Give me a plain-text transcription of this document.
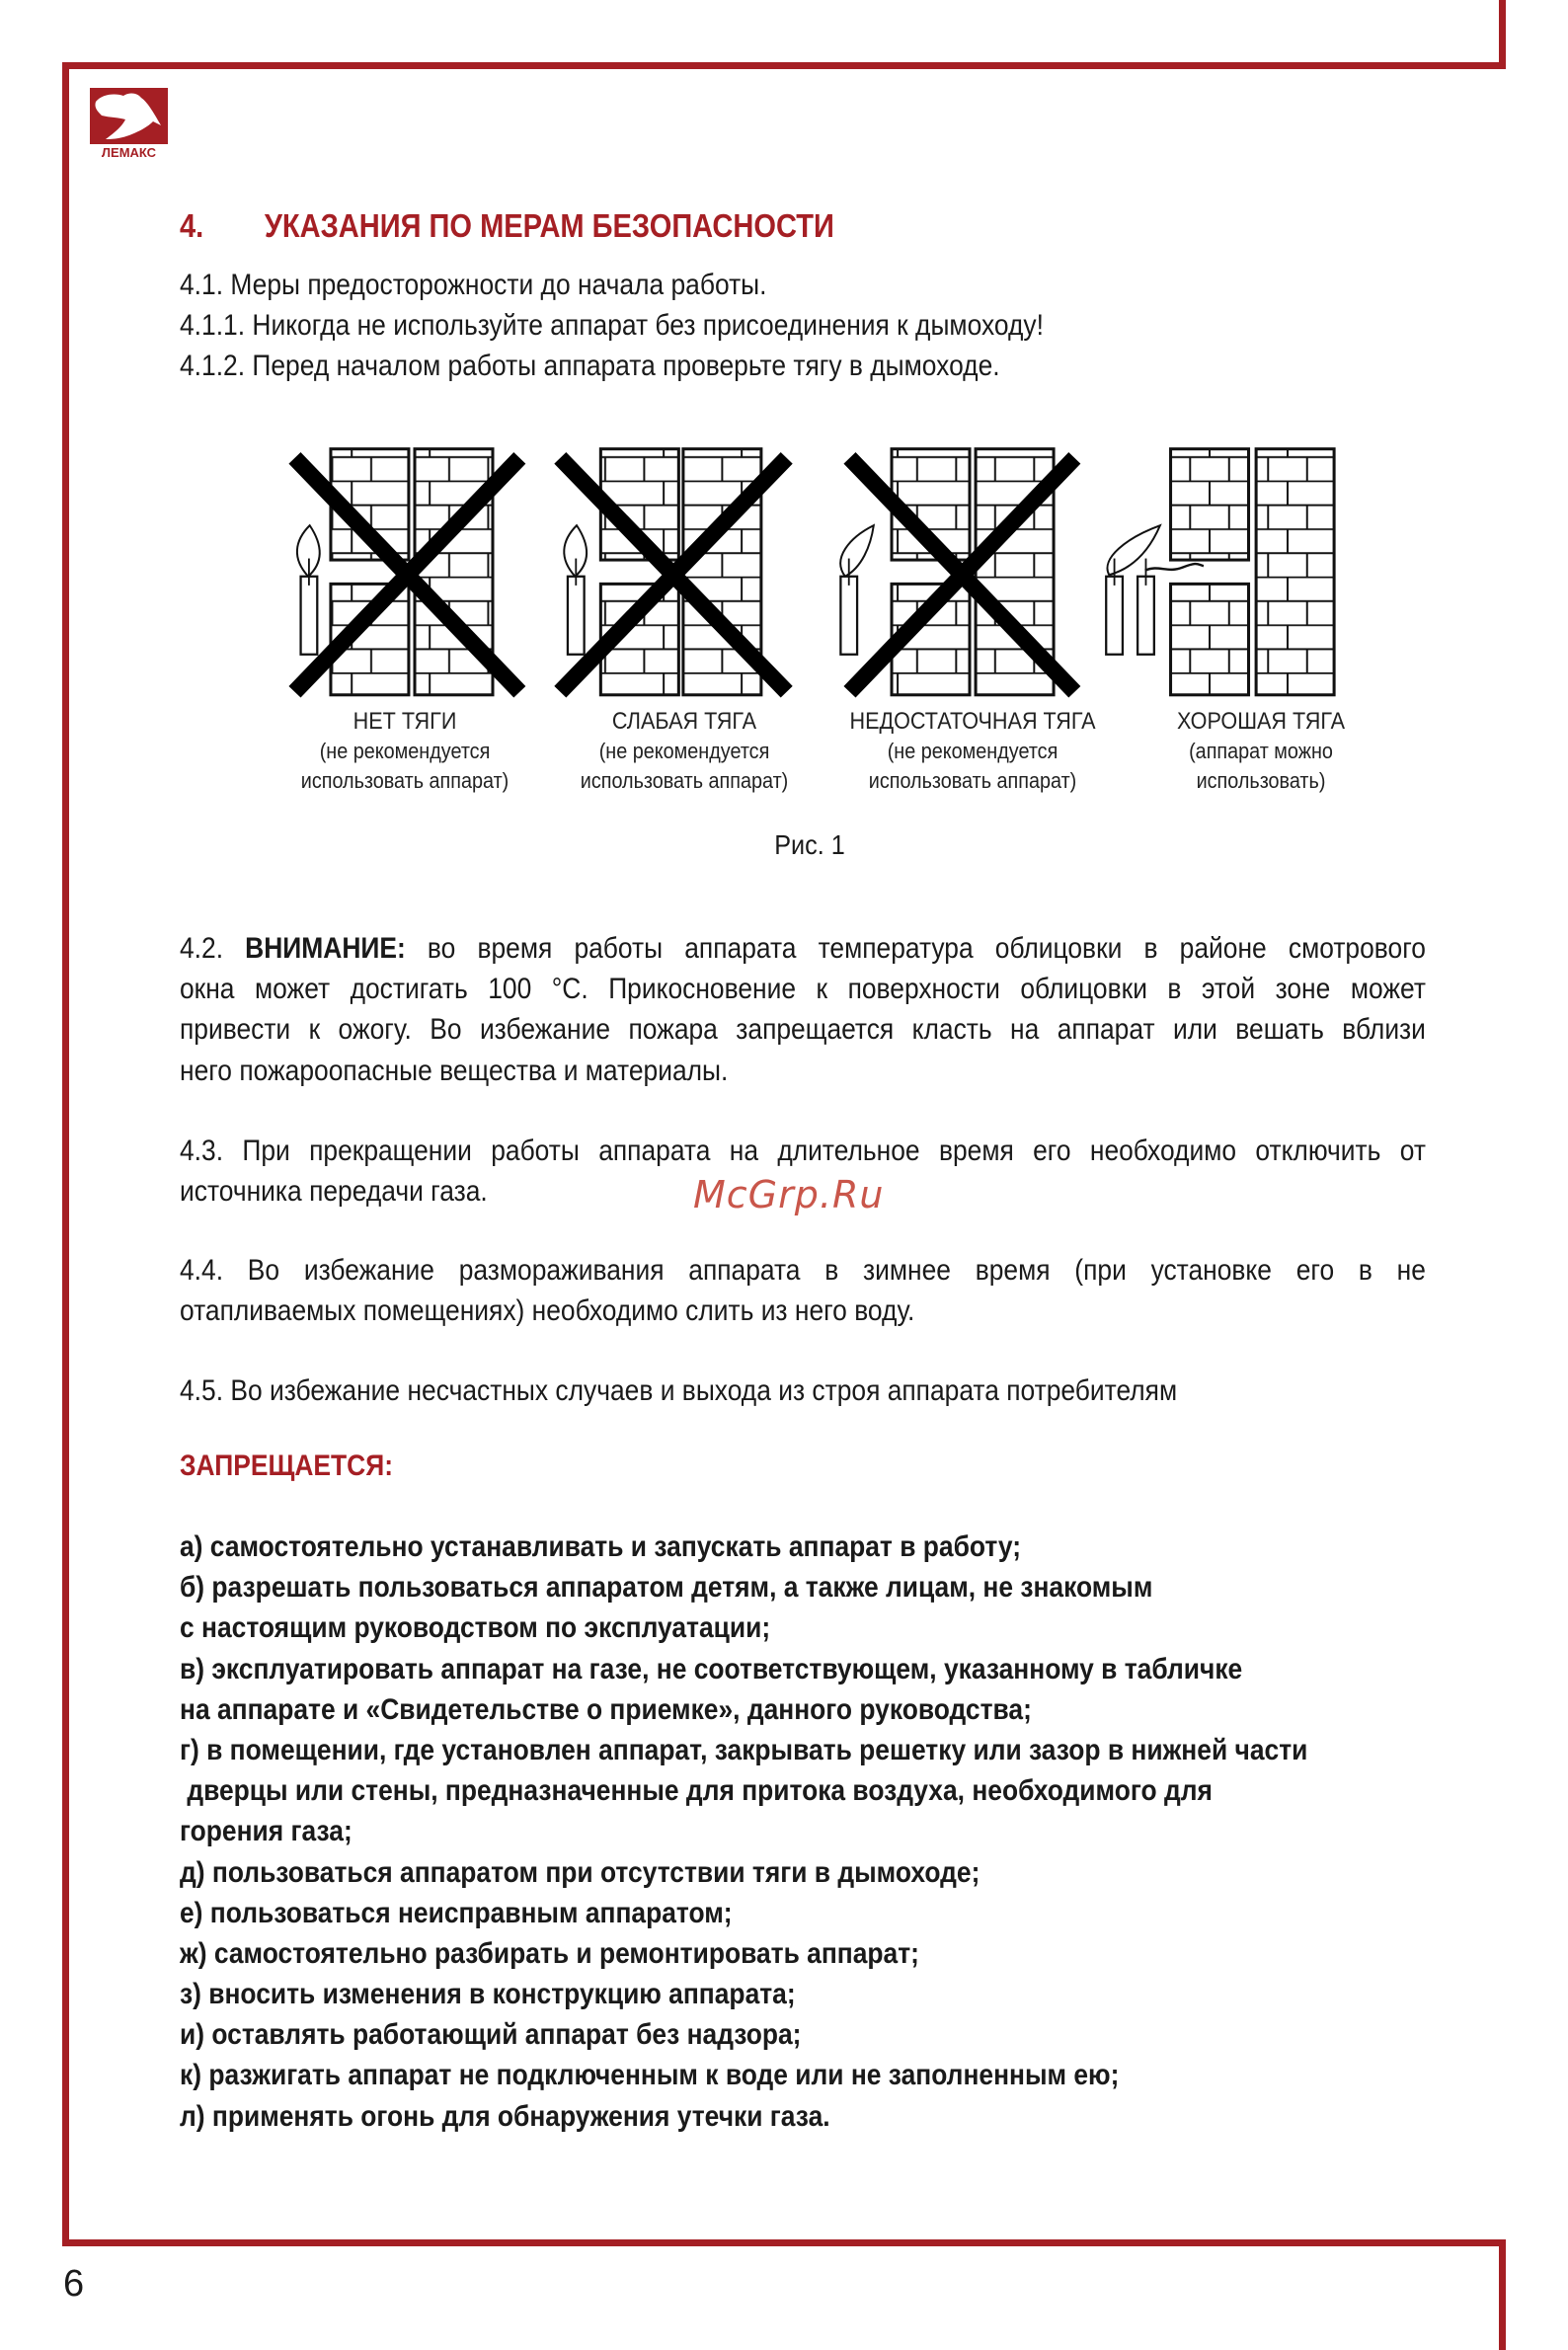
ЛЕМАКС
4. УКАЗАНИЯ ПО МЕРАМ БЕЗОПАСНОСТИ
4.1. Меры предосторожности до начала работы.
4.1.1. Никогда не используйте аппарат без присоединения к дымоходу!
4.1.2. Перед началом работы аппарата проверьте тягу в дымоходе.
НЕТ ТЯГИ
(не рекомендуется
использовать аппарат)
СЛАБАЯ ТЯГА
(не рекомендуется
использовать аппарат)
НЕДОСТАТОЧНАЯ ТЯГА
(не рекомендуется
использовать аппарат)
ХОРОШАЯ ТЯГА
(аппарат можно
использовать)
Рис. 1
4.2. ВНИМАНИЕ: во время работы аппарата температура облицовки в районе смотрового
окна может достигать 100 °С. Прикосновение к поверхности облицовки в этой зоне может
привести к ожогу. Во избежание пожара запрещается класть на аппарат или вешать вблизи
него пожароопасные вещества и материалы.
4.3. При прекращении работы аппарата на длительное время его необходимо отключить от
источника передачи газа.	McGrp.Ru
4.4. Во избежание размораживания аппарата в зимнее время (при установке его в не
отапливаемых помещениях) необходимо слить из него воду.
4.5. Во избежание несчастных случаев и выхода из строя аппарата потребителям
ЗАПРЕЩАЕТСЯ:
а) самостоятельно устанавливать и запускать аппарат в работу;
б) разрешать пользоваться аппаратом детям, а также лицам, не знакомым
с настоящим руководством по эксплуатации;
в) эксплуатировать аппарат на газе, не соответствующем, указанному в табличке
на аппарате и «Свидетельстве о приемке», данного руководства;
г) в помещении, где установлен аппарат, закрывать решетку или зазор в нижней части
дверцы или стены, предназначенные для притока воздуха, необходимого для
горения газа;
д) пользоваться аппаратом при отсутствии тяги в дымоходе;
е) пользоваться неисправным аппаратом;
ж) самостоятельно разбирать и ремонтировать аппарат;
з) вносить изменения в конструкцию аппарата;
и) оставлять работающий аппарат без надзора;
к) разжигать аппарат не подключенным к воде или не заполненным ею;
л) применять огонь для обнаружения утечки газа.
6
